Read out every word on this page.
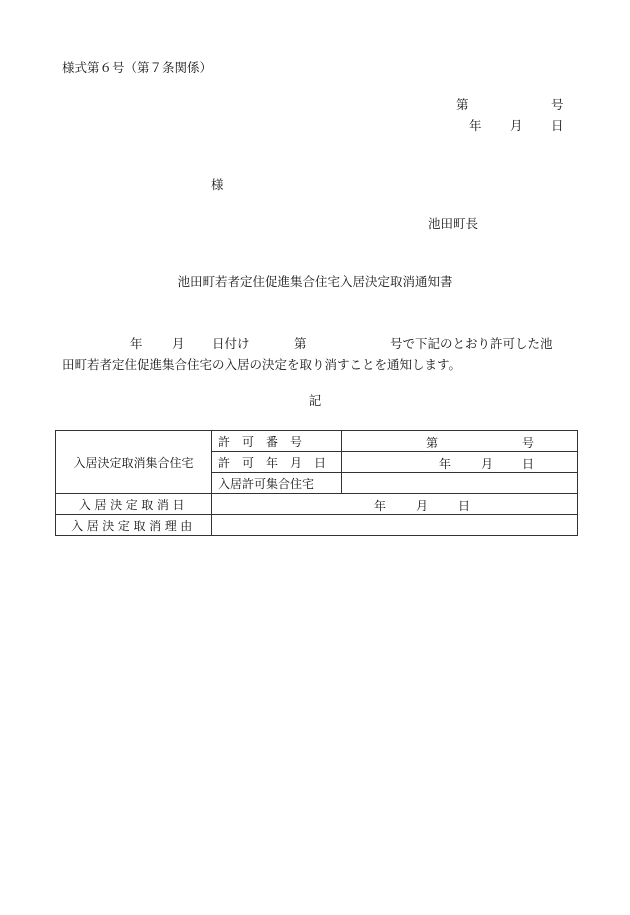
様式第６号（第７条関係）
第	号
年 月 日
様
池田町長
池田町若者定住促進集合住宅入居決定取消通知書
年 月 日付け	第	号で下記のとおり許可した池
田町若者定住促進集合住宅の入居の決定を取り消すことを通知します。
記
入居決定取消集合住宅	許　可　番　号	第 号

	許　可　年　月　日	年 月 日

	入居許可集合住宅	
入居決定取消日	年 月 日	

入居決定取消理由		
